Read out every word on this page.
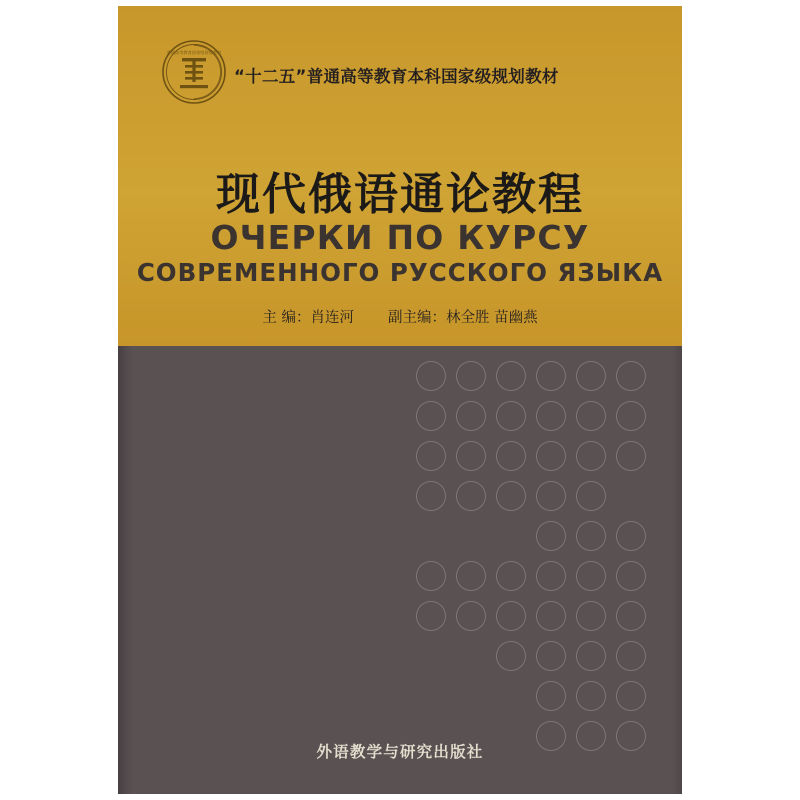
普通高等教育国家级规划教材
“十二五”普通高等教育本科国家级规划教材
现代俄语通论教程
ОЧЕРКИ ПО КУРСУ
СОВРЕМЕННОГО РУССКОГО ЯЗЫКА
主 编：肖连河 副主编：林全胜 苗幽燕
外语教学与研究出版社
